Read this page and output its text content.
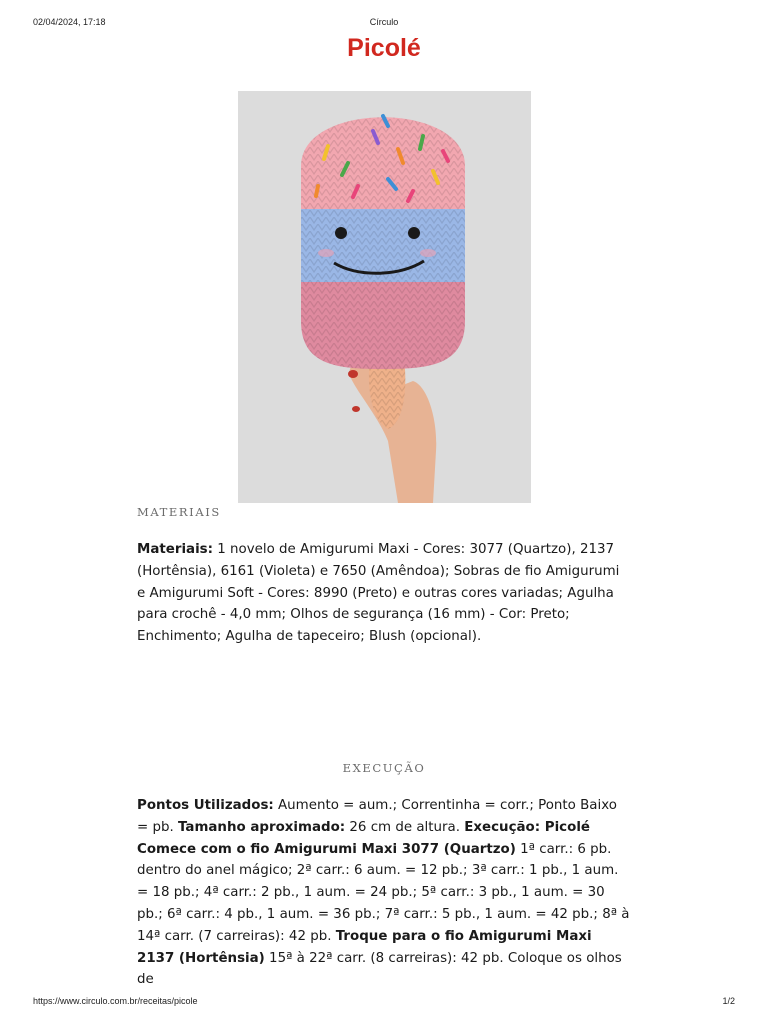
02/04/2024, 17:18	Círculo
Picolé
MATERIAIS

Materiais: 1 novelo de Amigurumi Maxi - Cores: 3077 (Quartzo), 2137 (Hortênsia), 6161 (Violeta) e 7650 (Amêndoa); Sobras de fio Amigurumi e Amigurumi Soft - Cores: 8990 (Preto) e outras cores variadas; Agulha para crochê - 4,0 mm; Olhos de segurança (16 mm) - Cor: Preto; Enchimento; Agulha de tapeceiro; Blush (opcional).

EXECUÇÃO

Pontos Utilizados: Aumento = aum.; Correntinha = corr.; Ponto Baixo = pb. Tamanho aproximado: 26 cm de altura. Execução: Picolé Comece com o fio Amigurumi Maxi 3077 (Quartzo) 1ª carr.: 6 pb. dentro do anel mágico; 2ª carr.: 6 aum. = 12 pb.; 3ª carr.: 1 pb., 1 aum. = 18 pb.; 4ª carr.: 2 pb., 1 aum. = 24 pb.; 5ª carr.: 3 pb., 1 aum. = 30 pb.; 6ª carr.: 4 pb., 1 aum. = 36 pb.; 7ª carr.: 5 pb., 1 aum. = 42 pb.; 8ª à 14ª carr. (7 carreiras): 42 pb. Troque para o fio Amigurumi Maxi 2137 (Hortênsia) 15ª à 22ª carr. (8 carreiras): 42 pb. Coloque os olhos de

https://www.circulo.com.br/receitas/picole	1/2
